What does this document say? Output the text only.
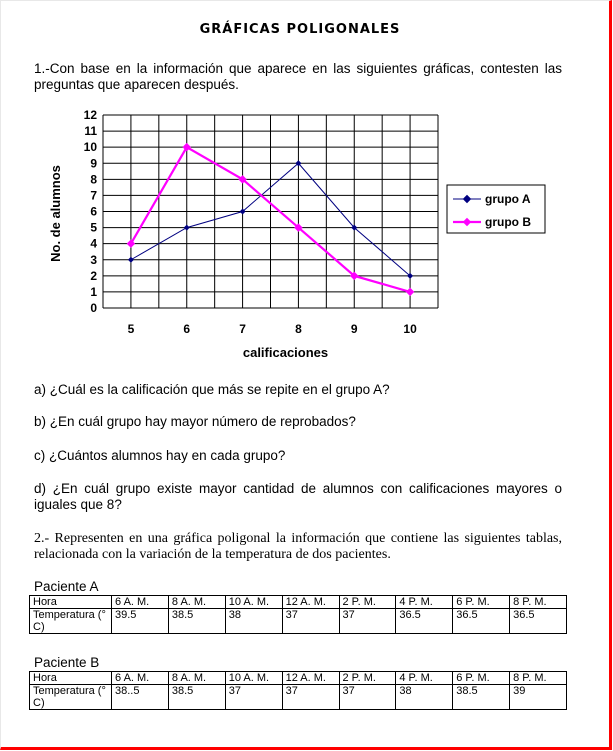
GRÁFICAS POLIGONALES
1.-Con base en la información que aparece en las siguientes gráficas, contesten las preguntas que aparecen después.
0
1
2
3
4
5
6
7
8
9
10
11
12
5	6	7	8	9	10
calificaciones
No. de alumnos	grupo A
grupo B
a) ¿Cuál es la calificación que más se repite en el grupo A?
b) ¿En cuál grupo hay mayor número de reprobados?
c) ¿Cuántos alumnos hay en cada grupo?
d) ¿En cuál grupo existe mayor cantidad de alumnos con calificaciones mayores o iguales que 8?
2.- Representen en una gráfica poligonal la información que contiene las siguientes tablas, relacionada con la variación de la temperatura de dos pacientes.
Paciente A
Hora	6 A. M.	8 A. M.	10 A. M.	12 A. M.	2 P. M.	4 P. M.	6 P. M.	8 P. M.
Temperatura (° C)	39.5	38.5	38	37	37	36.5	36.5	36.5
Paciente B
Hora	6 A. M.	8 A. M.	10 A. M.	12 A. M.	2 P. M.	4 P. M.	6 P. M.	8 P. M.
Temperatura (° C)	38..5	38.5	37	37	37	38	38.5	39
